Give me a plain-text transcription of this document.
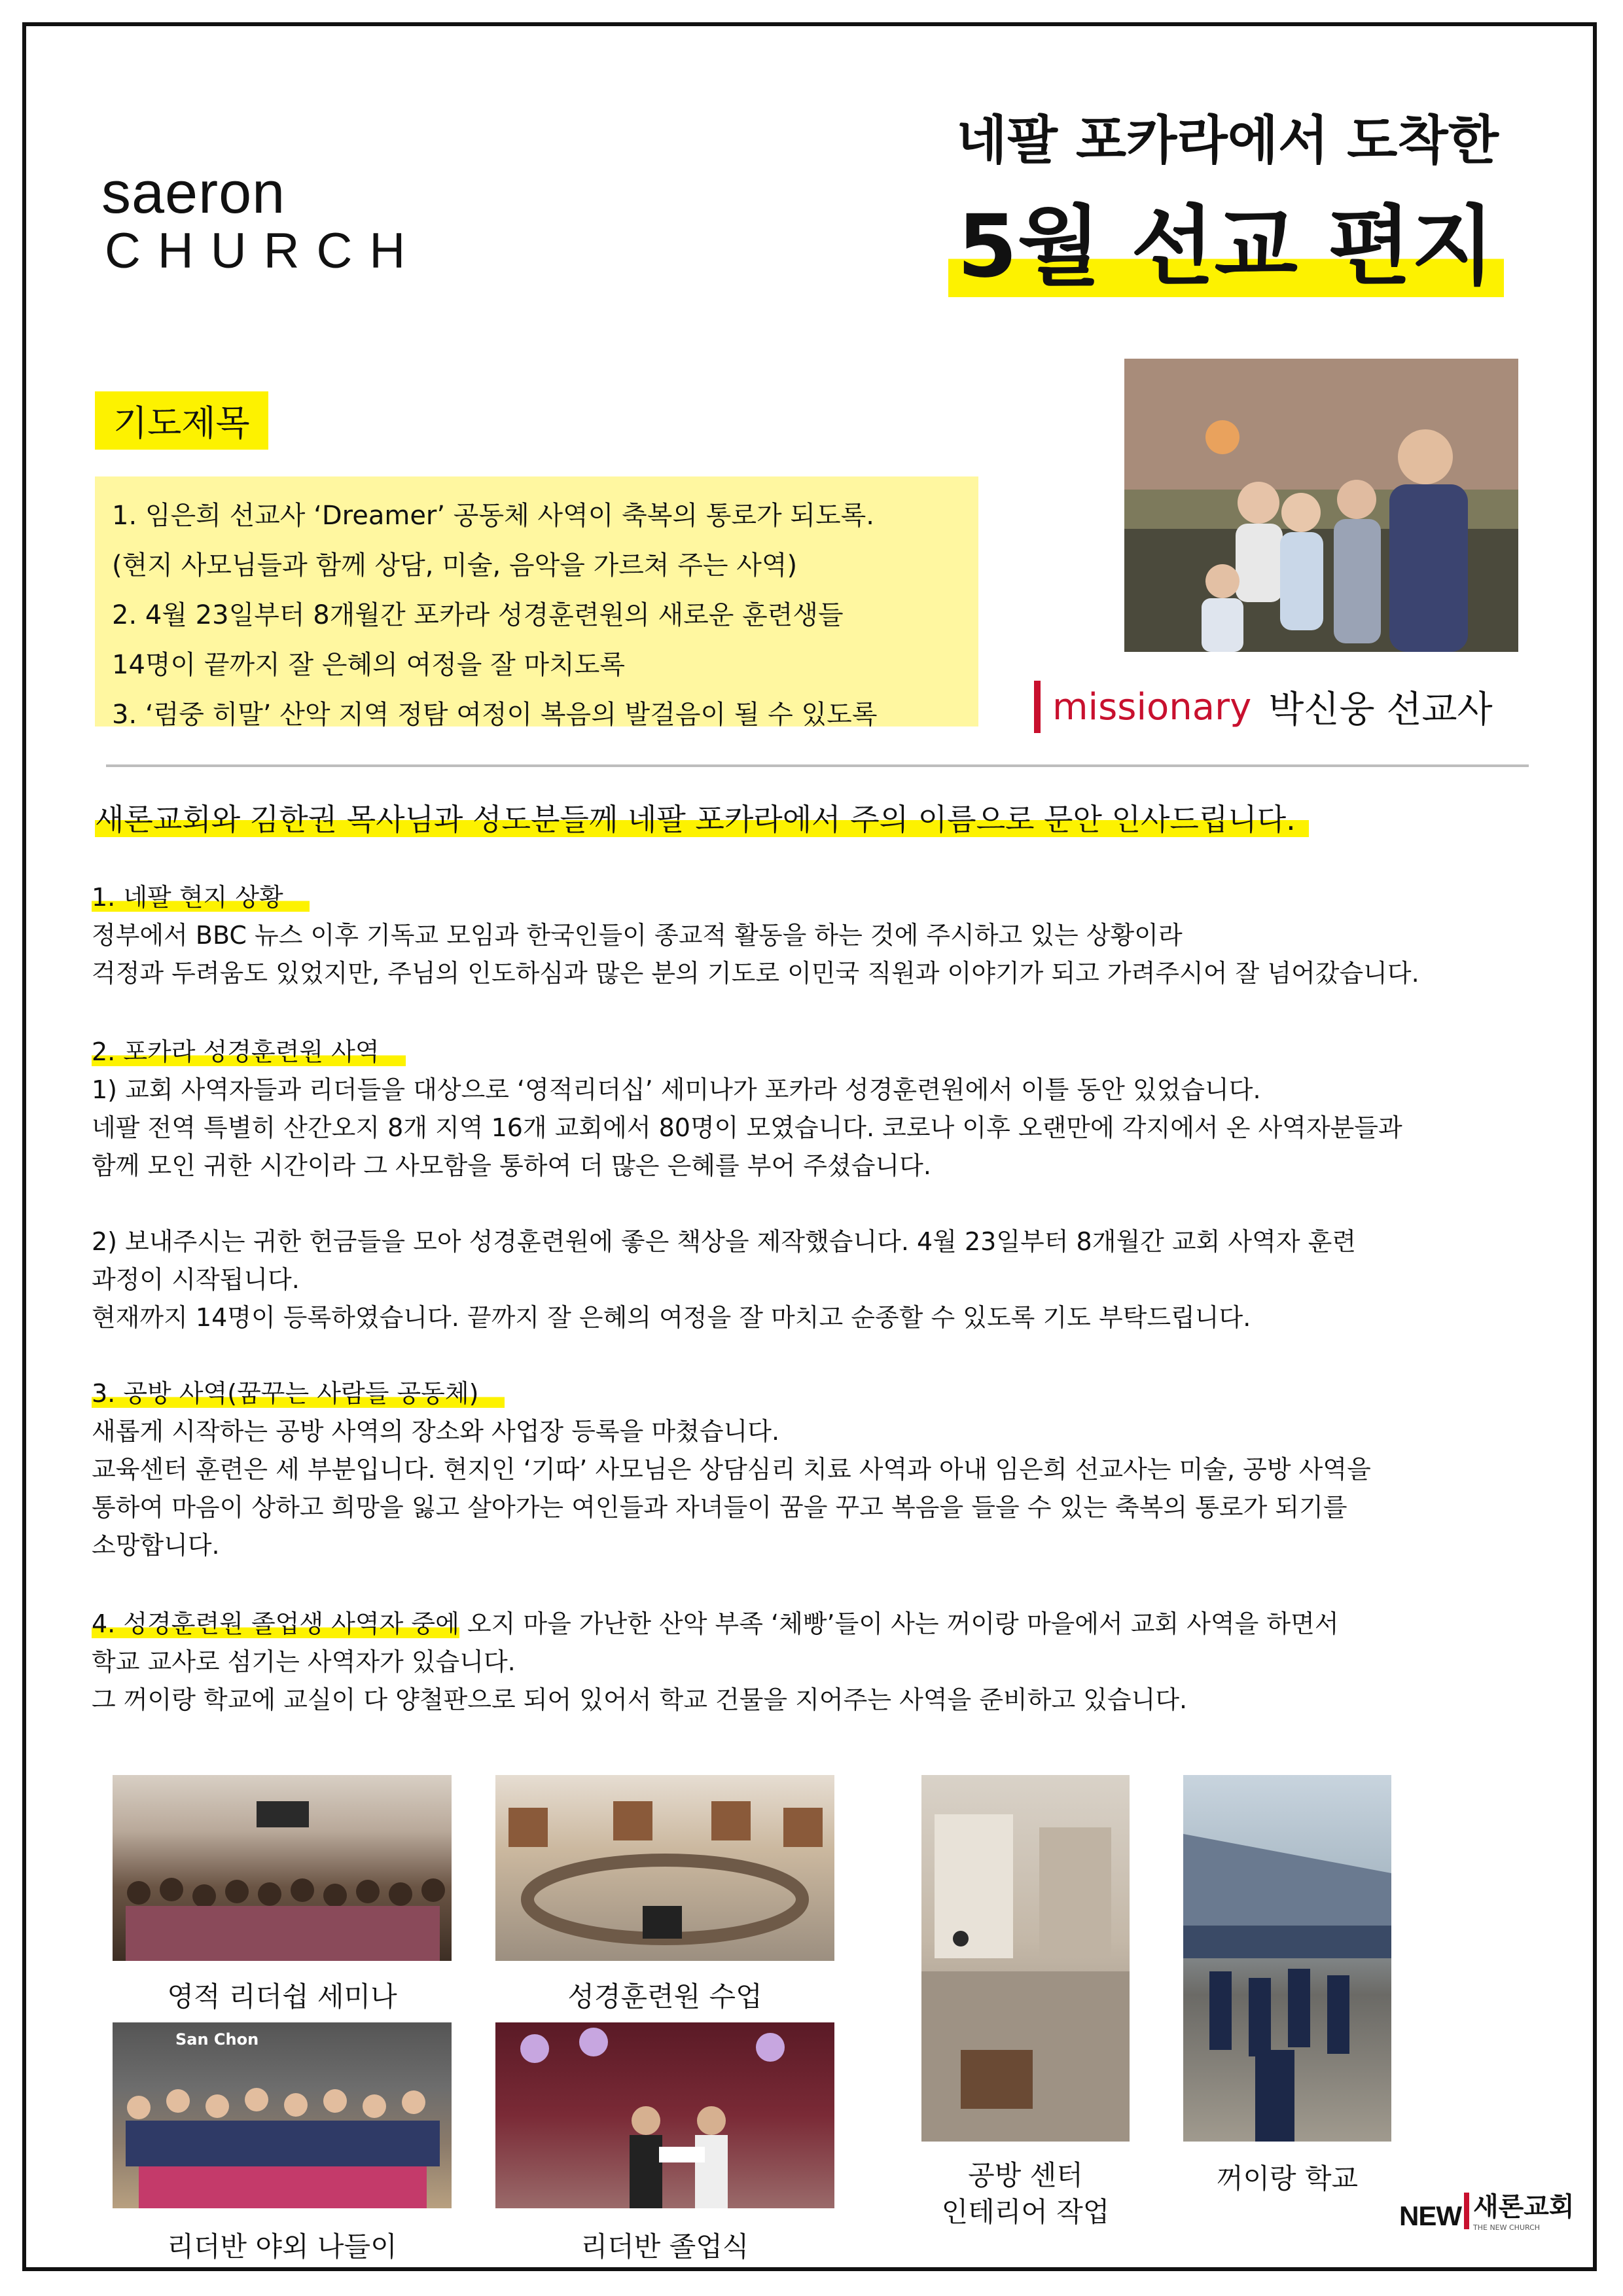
saeron
CHURCH
네팔 포카라에서 도착한
5월 선교 편지
기도제목
1. 임은희 선교사 ‘Dreamer’ 공동체 사역이 축복의 통로가 되도록.
(현지 사모님들과 함께 상담, 미술, 음악을 가르쳐 주는 사역)
2. 4월 23일부터 8개월간 포카라 성경훈련원의 새로운 훈련생들
14명이 끝까지 잘 은혜의 여정을 잘 마치도록
3. ‘럼중 히말’ 산악 지역 정탐 여정이 복음의 발걸음이 될 수 있도록	missionary 박신웅 선교사
새론교회와 김한권 목사님과 성도분들께 네팔 포카라에서 주의 이름으로 문안 인사드립니다.
1. 네팔 현지 상황
정부에서 BBC 뉴스 이후 기독교 모임과 한국인들이 종교적 활동을 하는 것에 주시하고 있는 상황이라
걱정과 두려움도 있었지만, 주님의 인도하심과 많은 분의 기도로 이민국 직원과 이야기가 되고 가려주시어 잘 넘어갔습니다.
2. 포카라 성경훈련원 사역
1) 교회 사역자들과 리더들을 대상으로 ‘영적리더십’ 세미나가 포카라 성경훈련원에서 이틀 동안 있었습니다.
네팔 전역 특별히 산간오지 8개 지역 16개 교회에서 80명이 모였습니다. 코로나 이후 오랜만에 각지에서 온 사역자분들과
함께 모인 귀한 시간이라 그 사모함을 통하여 더 많은 은혜를 부어 주셨습니다.
2) 보내주시는 귀한 헌금들을 모아 성경훈련원에 좋은 책상을 제작했습니다. 4월 23일부터 8개월간 교회 사역자 훈련
과정이 시작됩니다.
현재까지 14명이 등록하였습니다. 끝까지 잘 은혜의 여정을 잘 마치고 순종할 수 있도록 기도 부탁드립니다.
3. 공방 사역(꿈꾸는 사람들 공동체)
새롭게 시작하는 공방 사역의 장소와 사업장 등록을 마쳤습니다.
교육센터 훈련은 세 부분입니다. 현지인 ‘기따’ 사모님은 상담심리 치료 사역과 아내 임은희 선교사는 미술, 공방 사역을
통하여 마음이 상하고 희망을 잃고 살아가는 여인들과 자녀들이 꿈을 꾸고 복음을 들을 수 있는 축복의 통로가 되기를
소망합니다.
4. 성경훈련원 졸업생 사역자 중에 오지 마을 가난한 산악 부족 ‘체빵’들이 사는 꺼이랑 마을에서 교회 사역을 하면서
학교 교사로 섬기는 사역자가 있습니다.
그 꺼이랑 학교에 교실이 다 양철판으로 되어 있어서 학교 건물을 지어주는 사역을 준비하고 있습니다.
영적 리더쉽 세미나	성경훈련원 수업
San Chon
리더반 야외 나들이	리더반 졸업식
공방 센터
인테리어 작업
꺼이랑 학교
NEW 새론교회
THE NEW CHURCH
